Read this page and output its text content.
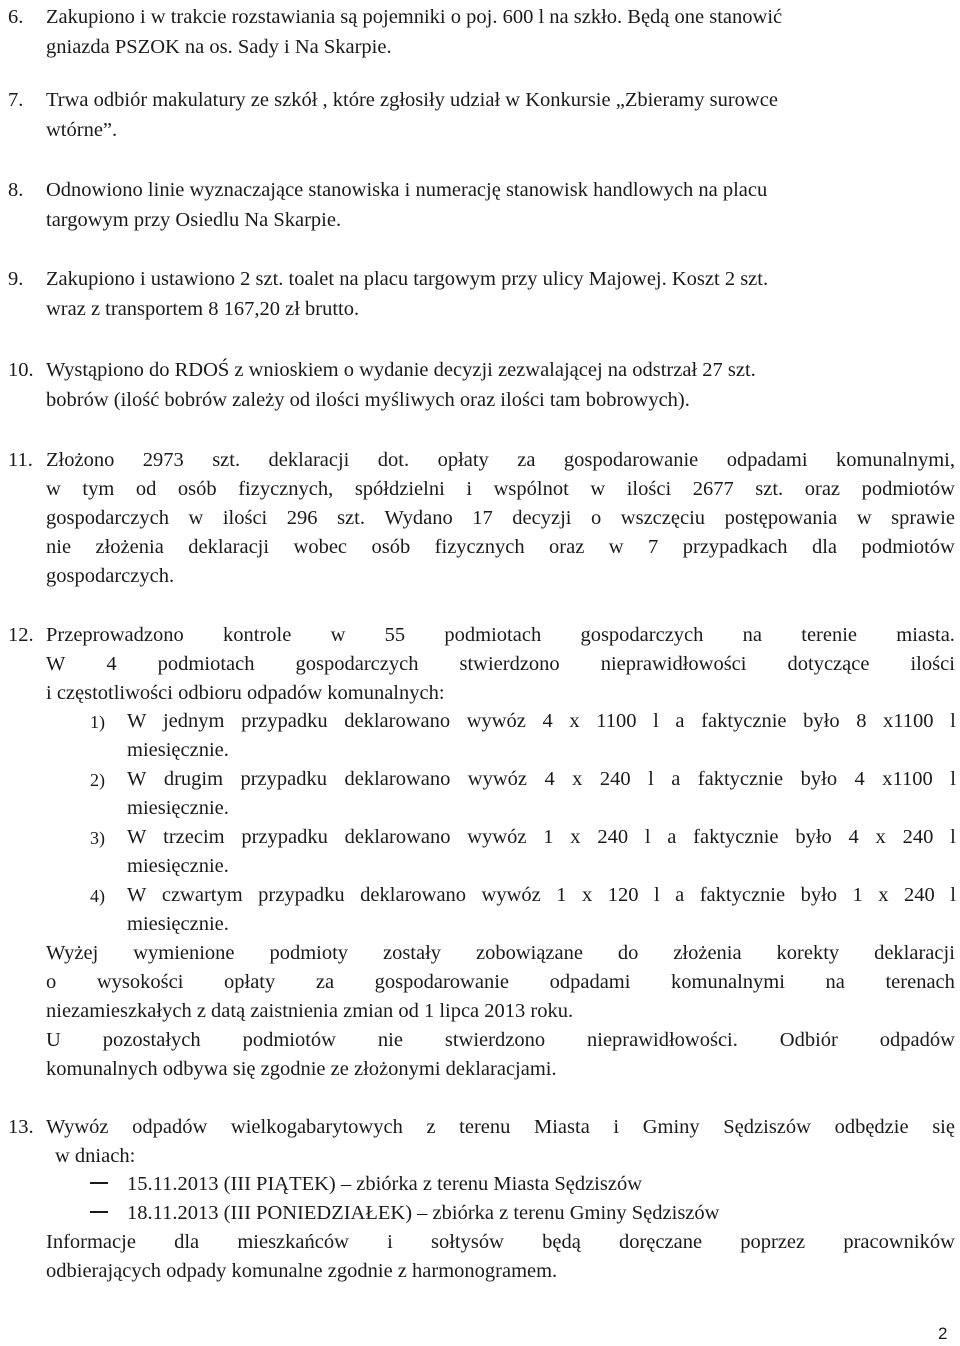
6. Zakupiono i w trakcie rozstawiania są pojemniki o poj. 600 l na szkło. Będą one stanowić
gniazda PSZOK na os. Sady i Na Skarpie.
7. Trwa odbiór makulatury ze szkół , które zgłosiły udział w Konkursie „Zbieramy surowce
wtórne”.
8. Odnowiono linie wyznaczające stanowiska i numerację stanowisk handlowych na placu
targowym przy Osiedlu Na Skarpie.
9. Zakupiono i ustawiono 2 szt. toalet na placu targowym przy ulicy Majowej. Koszt 2 szt.
wraz z transportem 8 167,20 zł brutto.
10. Wystąpiono do RDOŚ z wnioskiem o wydanie decyzji zezwalającej na odstrzał 27 szt.
bobrów (ilość bobrów zależy od ilości myśliwych oraz ilości tam bobrowych).
11. Złożono 2973 szt. deklaracji dot. opłaty za gospodarowanie odpadami komunalnymi,
w tym od osób fizycznych, spółdzielni i wspólnot w ilości 2677 szt. oraz podmiotów
gospodarczych w ilości 296 szt. Wydano 17 decyzji o wszczęciu postępowania w sprawie
nie złożenia deklaracji wobec osób fizycznych oraz w 7 przypadkach dla podmiotów
gospodarczych.
12. Przeprowadzono kontrole w 55 podmiotach gospodarczych na terenie miasta.
W 4 podmiotach gospodarczych stwierdzono nieprawidłowości dotyczące ilości
i częstotliwości odbioru odpadów komunalnych:
1) W jednym przypadku deklarowano wywóz 4 x 1100 l a faktycznie było 8 x1100 l
miesięcznie.
2) W drugim przypadku deklarowano wywóz 4 x 240 l a faktycznie było 4 x1100 l
miesięcznie.
3) W trzecim przypadku deklarowano wywóz 1 x 240 l a faktycznie było 4 x 240 l
miesięcznie.
4) W czwartym przypadku deklarowano wywóz 1 x 120 l a faktycznie było 1 x 240 l
miesięcznie.
Wyżej wymienione podmioty zostały zobowiązane do złożenia korekty deklaracji
o wysokości opłaty za gospodarowanie odpadami komunalnymi na terenach
niezamieszkałych z datą zaistnienia zmian od 1 lipca 2013 roku.
U pozostałych podmiotów nie stwierdzono nieprawidłowości. Odbiór odpadów
komunalnych odbywa się zgodnie ze złożonymi deklaracjami.
13. Wywóz odpadów wielkogabarytowych z terenu Miasta i Gminy Sędziszów odbędzie się
w dniach:
15.11.2013 (III PIĄTEK) – zbiórka z terenu Miasta Sędziszów
18.11.2013 (III PONIEDZIAŁEK) – zbiórka z terenu Gminy Sędziszów
Informacje dla mieszkańców i sołtysów będą doręczane poprzez pracowników
odbierających odpady komunalne zgodnie z harmonogramem.
2
